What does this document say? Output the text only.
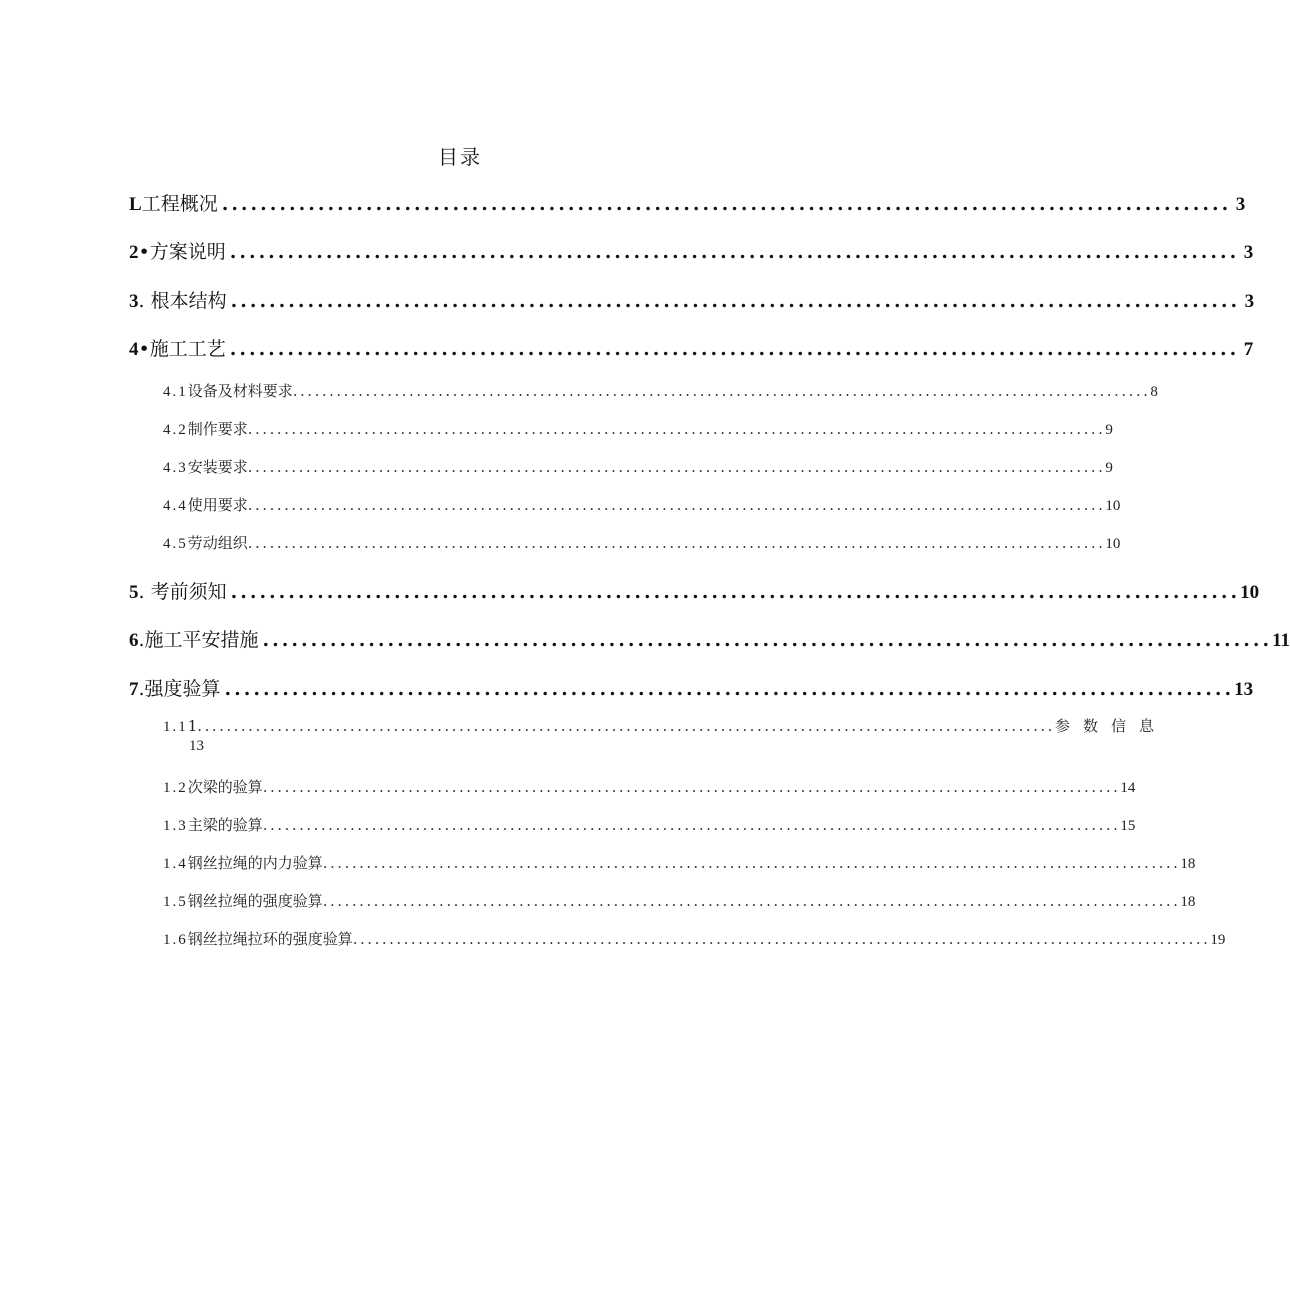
目录
L 工程概况 ......................................................................................................... 3
2 •方案说明 ......................................................................................................... 3
3 . 根本结构 ......................................................................................................... 3
4 •施工工艺 ......................................................................................................... 7
4.1 设备及材料要求 ...................................................................................................................... 8
4.2 制作要求 ...................................................................................................................... 9
4.3 安装要求 ...................................................................................................................... 9
4.4 使用要求 ...................................................................................................................... 10
4.5 劳动组织 ...................................................................................................................... 10
5 . 考前须知 ......................................................................................................... 10
6 .施工平安措施 ......................................................................................................... 11
7 .强度验算 ......................................................................................................... 13
1.1 1 ...................................................................................................................... 参数信息
13
1.2 次梁的验算 ...................................................................................................................... 14
1.3 主梁的验算 ...................................................................................................................... 15
1.4 钢丝拉绳的内力验算 ...................................................................................................................... 18
1.5 钢丝拉绳的强度验算 ...................................................................................................................... 18
1.6 钢丝拉绳拉环的强度验算 ...................................................................................................................... 19
